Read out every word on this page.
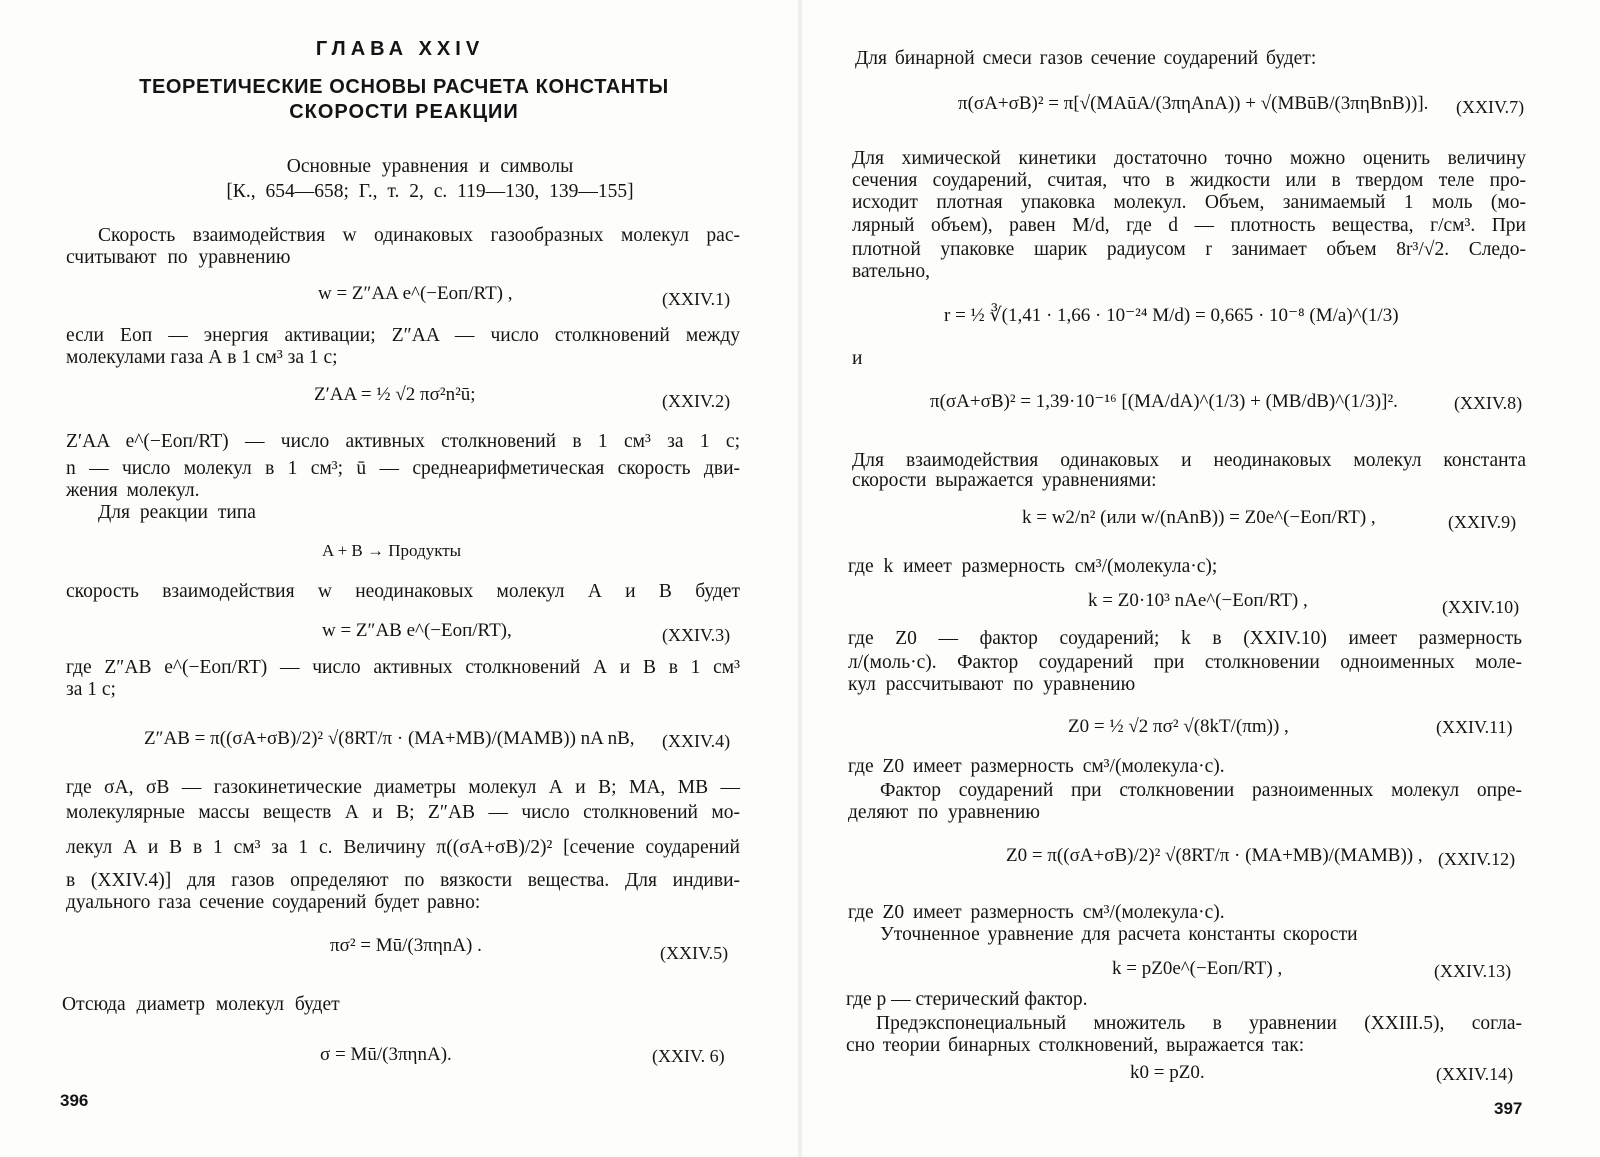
ГЛАВА XXIV
ТЕОРЕТИЧЕСКИЕ ОСНОВЫ РАСЧЕТА КОНСТАНТЫ
СКОРОСТИ РЕАКЦИИ
Основные уравнения и символы
[К., 654—658; Г., т. 2, с. 119—130, 139—155]
Скорость взаимодействия w одинаковых газообразных молекул рас-
считывают по уравнению
w = Z″AA e^(−Eоп/RT) ,	(XXIV.1)
если Eоп — энергия активации; Z″AA — число столкновений между
молекулами газа А в 1 см³ за 1 с;
Z′AA = ½ √2 πσ²n²ū;	(XXIV.2)
Z′AA e^(−Eоп/RT) — число активных столкновений в 1 см³ за 1 с;
n — число молекул в 1 см³; ū — среднеарифметическая скорость дви-
жения молекул.
Для реакции типа
A + B → Продукты
скорость взаимодействия w неодинаковых молекул А и В будет
w = Z″AB e^(−Eоп/RT),	(XXIV.3)
где Z″AB e^(−Eоп/RT) — число активных столкновений А и В в 1 см³
за 1 с;
Z″AB = π((σA+σB)/2)² √(8RT/π · (MA+MB)/(MAMB)) nA nB, (XXIV.4)
где σA, σB — газокинетические диаметры молекул А и В; MA, MB —
молекулярные массы веществ А и В; Z″AB — число столкновений мо-
лекул А и В в 1 см³ за 1 с. Величину π((σA+σB)/2)² [сечение соударений
в (XXIV.4)] для газов определяют по вязкости вещества. Для индиви-
дуального газа сечение соударений будет равно:
πσ² = Mū/(3πηnA) .	(XXIV.5)
Отсюда диаметр молекул будет
σ = Mū/(3πηnA).	(XXIV. 6)
396
Для бинарной смеси газов сечение соударений будет:
π(σA+σB)² = π[√(MAūA/(3πηAnA)) + √(MBūB/(3πηBnB))]. (XXIV.7)
Для химической кинетики достаточно точно можно оценить величину
сечения соударений, считая, что в жидкости или в твердом теле про-
исходит плотная упаковка молекул. Объем, занимаемый 1 моль (мо-
лярный объем), равен M/d, где d — плотность вещества, г/см³. При
плотной упаковке шарик радиусом r занимает объем 8r³/√2. Следо-
вательно,
r = ½ ∛(1,41 · 1,66 · 10⁻²⁴ M/d) = 0,665 · 10⁻⁸ (M/a)^(1/3)
и
π(σA+σB)² = 1,39·10⁻¹⁶ [(MA/dA)^(1/3) + (MB/dB)^(1/3)]².	(XXIV.8)
Для взаимодействия одинаковых и неодинаковых молекул константа
скорости выражается уравнениями:
k = w2/n² (или w/(nAnB)) = Z0e^(−Eоп/RT) ,	(XXIV.9)
где k имеет размерность см³/(молекула·с);
k = Z0·10³ nAe^(−Eоп/RT) ,	(XXIV.10)
где Z0 — фактор соударений; k в (XXIV.10) имеет размерность
л/(моль·с). Фактор соударений при столкновении одноименных моле-
кул рассчитывают по уравнению
Z0 = ½ √2 πσ² √(8kT/(πm)) ,	(XXIV.11)
где Z0 имеет размерность см³/(молекула·с).
Фактор соударений при столкновении разноименных молекул опре-
деляют по уравнению
Z0 = π((σA+σB)/2)² √(8RT/π · (MA+MB)/(MAMB)) , (XXIV.12)
где Z0 имеет размерность см³/(молекула·с).
Уточненное уравнение для расчета константы скорости
k = pZ0e^(−Eоп/RT) ,	(XXIV.13)
где p — стерический фактор.
Предэкспонециальный множитель в уравнении (XXIII.5), согла-
сно теории бинарных столкновений, выражается так:
k0 = pZ0.	(XXIV.14)
397
